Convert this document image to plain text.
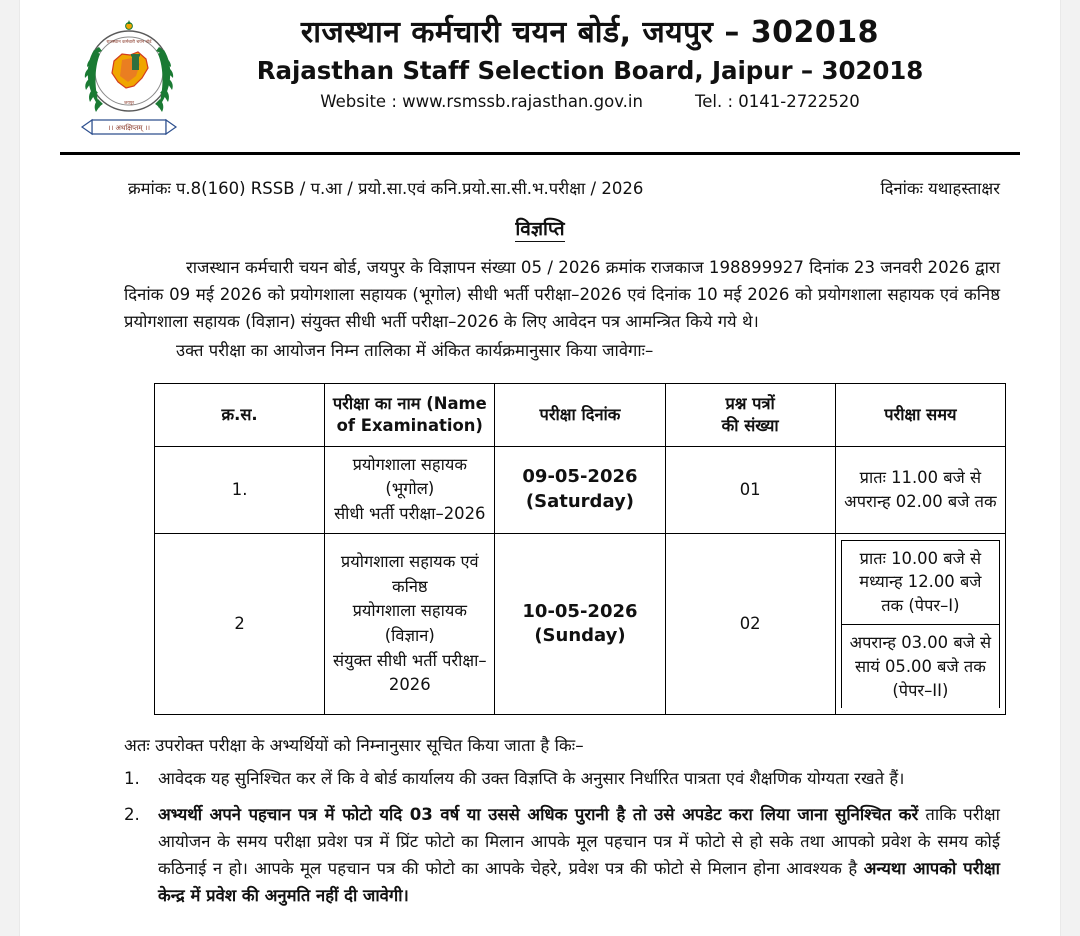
राजस्थान कर्मचारी चयन बोर्ड
जयपुर
।। अथक्षिप्तम् ।।
राजस्थान कर्मचारी चयन बोर्ड, जयपुर – 302018
Rajasthan Staff Selection Board, Jaipur – 302018
Website : www.rsmssb.rajasthan.gov.in	Tel. : 0141-2722520
क्रमांकः प.8(160) RSSB / प.आ / प्रयो.सा.एवं कनि.प्रयो.सा.सी.भ.परीक्षा / 2026	दिनांकः यथाहस्ताक्षर
विज्ञप्ति

राजस्थान कर्मचारी चयन बोर्ड, जयपुर के विज्ञापन संख्या 05 / 2026 क्रमांक राजकाज 198899927 दिनांक 23 जनवरी 2026 द्वारा दिनांक 09 मई 2026 को प्रयोगशाला सहायक (भूगोल) सीधी भर्ती परीक्षा–2026 एवं दिनांक 10 मई 2026 को प्रयोगशाला सहायक एवं कनिष्ठ प्रयोगशाला सहायक (विज्ञान) संयुक्त सीधी भर्ती परीक्षा–2026 के लिए आवेदन पत्र आमन्त्रित किये गये थे।

उक्त परीक्षा का आयोजन निम्न तालिका में अंकित कार्यक्रमानुसार किया जावेगाः–

क्र.स.	परीक्षा का नाम (Name of Examination)	परीक्षा दिनांक	प्रश्न पत्रों
की संख्या	परीक्षा समय
1.	प्रयोगशाला सहायक (भूगोल)
सीधी भर्ती परीक्षा–2026	09-05-2026
(Saturday)	01	प्रातः 11.00 बजे से अपरान्ह 02.00 बजे तक
2	प्रयोगशाला सहायक एवं कनिष्ठ
प्रयोगशाला सहायक (विज्ञान)
संयुक्त सीधी भर्ती परीक्षा–2026	10-05-2026
(Sunday)	02	
प्रातः 10.00 बजे से मध्यान्ह 12.00 बजे तक (पेपर–I)
अपरान्ह 03.00 बजे से सायं 05.00 बजे तक (पेपर–II)
अतः उपरोक्त परीक्षा के अभ्यर्थियों को निम्नानुसार सूचित किया जाता है किः–
1.	आवेदक यह सुनिश्चित कर लें कि वे बोर्ड कार्यालय की उक्त विज्ञप्ति के अनुसार निर्धारित पात्रता एवं शैक्षणिक योग्यता रखते हैं।
2.	अभ्यर्थी अपने पहचान पत्र में फोटो यदि 03 वर्ष या उससे अधिक पुरानी है तो उसे अपडेट करा लिया जाना सुनिश्चित करें ताकि परीक्षा आयोजन के समय परीक्षा प्रवेश पत्र में प्रिंट फोटो का मिलान आपके मूल पहचान पत्र में फोटो से हो सके तथा आपको प्रवेश के समय कोई कठिनाई न हो। आपके मूल पहचान पत्र की फोटो का आपके चेहरे, प्रवेश पत्र की फोटो से मिलान होना आवश्यक है अन्यथा आपको परीक्षा केन्द्र में प्रवेश की अनुमति नहीं दी जावेगी।
